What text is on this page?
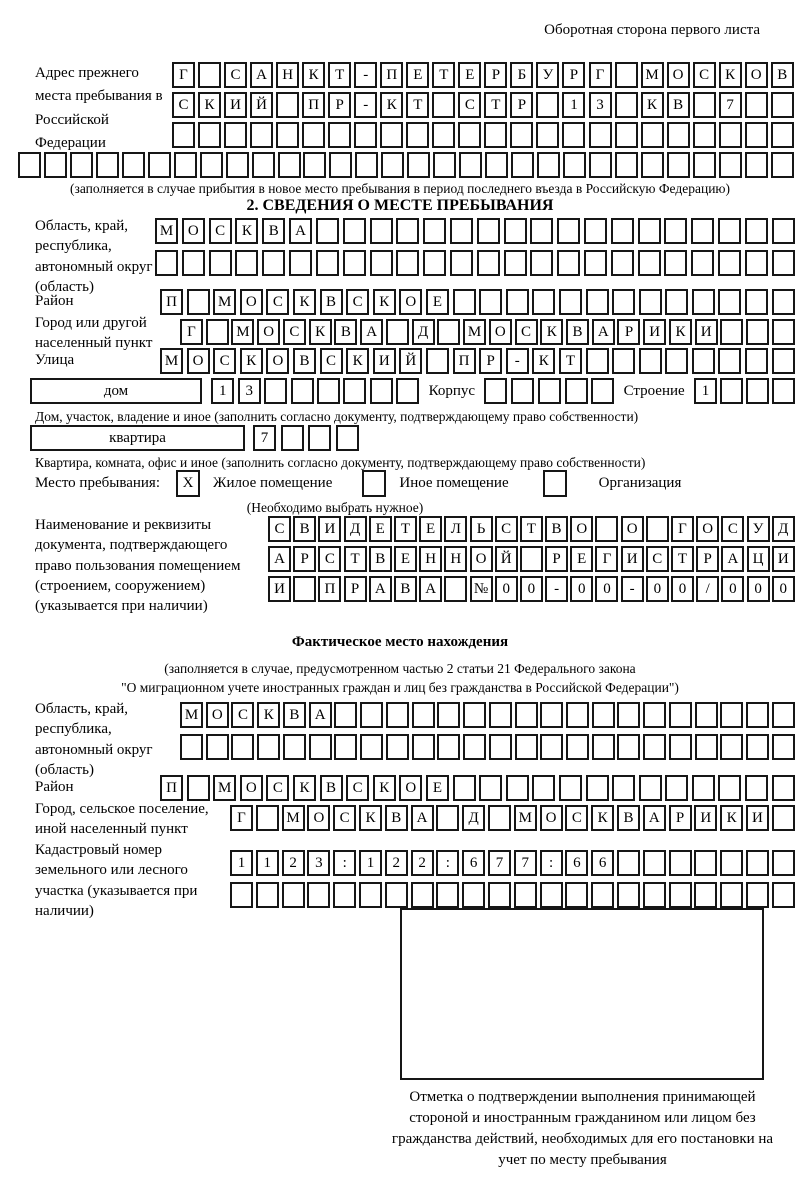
Оборотная сторона первого листа
Адрес прежнего места пребывания в Российской Федерации
Г	С	А	Н	К	Т	-	П	Е	Т	Е	Р	Б	У	Р	Г	М О	С	К	О	В
С	К	И	Й	П	Р	-	К	Т	С	Т	Р	1	3	К	В	7
(заполняется в случае прибытия в новое место пребывания в период последнего въезда в Российскую Федерацию)
2. СВЕДЕНИЯ О МЕСТЕ ПРЕБЫВАНИЯ
Область, край, республика, автономный округ (область)
М О	С	К	В	А
Район	П	М О	С	К	В	С	К	О	Е
Город или другой населенный пункт
Г	М О	С	К	В	А	Д	М О	С	К	В	А	Р	И	К	И
Улица	М О	С	К	О	В	С	К	И	Й	П	Р	-	К	Т
дом	1	3	Корпус	Строение	1
Дом, участок, владение и иное (заполнить согласно документу, подтверждающему право собственности)
квартира	7
Квартира, комната, офис и иное (заполнить согласно документу, подтверждающему право собственности)
Место пребывания:	X	Жилое помещение	Иное помещение	Организация
(Необходимо выбрать нужное)
Наименование и реквизиты документа, подтверждающего право пользования помещением (строением, сооружением) (указывается при наличии)
С	В И Д	Е	Т	Е	Л	Ь	С	Т	В О	О	Г	О С У Д
А	Р	С	Т	В	Е	Н Н О Й	Р	Е	Г	И С	Т	Р	А Ц И
И	П	Р	А В А	№ 0	0	-	0	0	-	0	0	/	0	0	0
Фактическое место нахождения
(заполняется в случае, предусмотренном частью 2 статьи 21 Федерального закона
"О миграционном учете иностранных граждан и лиц без гражданства в Российской Федерации")
Область, край, республика, автономный округ (область)
М О	С	К	В	А
Район	П	М О	С	К	В	С	К	О	Е
Город, сельское поселение, иной населенный пункт
Г	М О	С	К	В	А	Д	М О	С	К	В	А	Р	И	К	И
Кадастровый номер земельного или лесного участка (указывается при наличии)
1	1	2	3	:	1	2	2	:	6	7	7	:	6	6
Отметка о подтверждении выполнения принимающей стороной и иностранным гражданином или лицом без гражданства действий, необходимых для его постановки на учет по месту пребывания
